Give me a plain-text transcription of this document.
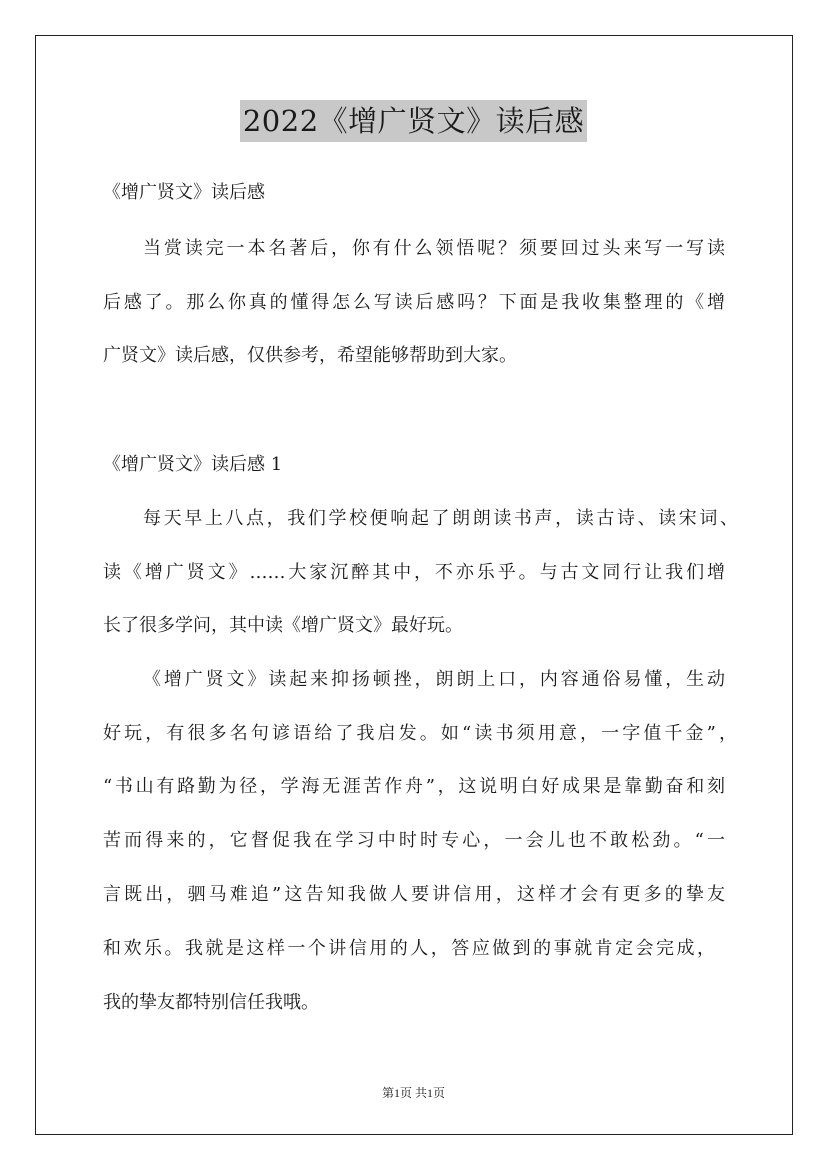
2022《增广贤文》读后感
《增广贤文》读后感
当赏读完一本名著后，你有什么领悟呢？须要回过头来写一写读
后感了。那么你真的懂得怎么写读后感吗？下面是我收集整理的《增
广贤文》读后感，仅供参考，希望能够帮助到大家。
《增广贤文》读后感 1
每天早上八点，我们学校便响起了朗朗读书声，读古诗、读宋词、
读《增广贤文》……大家沉醉其中，不亦乐乎。与古文同行让我们增
长了很多学问，其中读《增广贤文》最好玩。
《增广贤文》读起来抑扬顿挫，朗朗上口，内容通俗易懂，生动
好玩，有很多名句谚语给了我启发。如“读书须用意，一字值千金”，
“书山有路勤为径，学海无涯苦作舟”，这说明白好成果是靠勤奋和刻
苦而得来的，它督促我在学习中时时专心，一会儿也不敢松劲。“一
言既出，驷马难追”这告知我做人要讲信用，这样才会有更多的挚友
和欢乐。我就是这样一个讲信用的人，答应做到的事就肯定会完成，
我的挚友都特别信任我哦。
第1页 共1页
